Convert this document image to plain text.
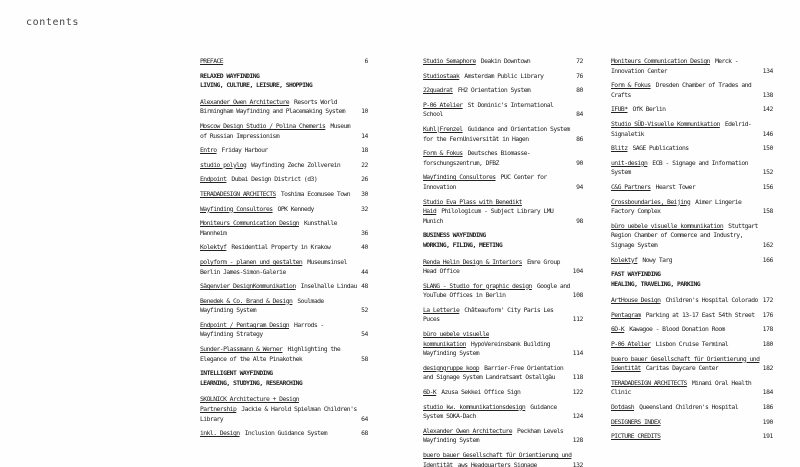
contents
PREFACE	6
RELAXED WAYFINDING
LIVING, CULTURE, LEISURE, SHOPPING
Alexander Owen Architecture Resorts World Birmingham Wayfinding and Placemaking System	10
Moscow Design Studio / Polina Chemeris Museum of Russian Impressionism	14
Entro Friday Harbour	18
studio polylog Wayfinding Zeche Zollverein	22
Endpoint Dubai Design District (d3)	26
TERADADESIGN ARCHITECTS Toshima Ecomusee Town	30
Wayfinding Consultores OPK Kennedy	32
Moniteurs Communication Design Kunsthalle Mannheim	36
Kolektyf Residential Property in Krakow	40
polyform - planen und gestalten Museumsinsel Berlin James-Simon-Galerie	44
Sägenvier DesignKommunikation Inselhalle Lindau 48
Benedek & Co. Brand & Design Soulmade Wayfinding System	52
Endpoint / Pentagram Design Harrods - Wayfinding Strategy	54
Sunder-Plassmann & Werner Highlighting the Elegance of the Alte Pinakothek	58
INTELLIGENT WAYFINDING
LEARNING, STUDYING, RESEARCHING
SKOLNICK Architecture + Design Partnership Jackie & Harold Spielman Children's Library	64
inkl. Design Inclusion Guidance System	68
Studio Semaphore Deakin Downtown	72
Studiostaak Amsterdam Public Library	76
22quadrat FH2 Orientation System	80
P-06 Atelier St Dominic's International School	84
Kuhl|Frenzel Guidance and Orientation System for the FernUniversität in Hagen	86
Form & Fokus Deutsches Biomasse-forschungszentrum, DFBZ	90
Wayfinding Consultores PUC Center for Innovation	94
Studio Eva Plass with Benedikt Haid Philologicum - Subject Library LMU Munich	98
BUSINESS WAYFINDING
WORKING, FILING, MEETING
Renda Helin Design & Interiors Emre Group Head Office	104
SLANG - Studio for graphic design Google and YouTube Offices in Berlin	108
La Letterie Châteauform' City Paris Les Puces	112
büro uebele visuelle kommunikation HypoVereinsbank Building Wayfinding System	114
designgruppe koop Barrier-Free Orientation and Signage System Landratsamt Ostallgäu	118
6D-K Azusa Sekkei Office Sign	122
studio kw. kommunikationsdesign Guidance System SOKA-Dach	124
Alexander Owen Architecture Peckham Levels Wayfinding System	128
buero bauer Gesellschaft für Orientierung und Identität aws Headquarters Signage	132
Moniteurs Communication Design Merck - Innovation Center	134
Form & Fokus Dresden Chamber of Trades and Crafts	138
IFUB* OfK Berlin	142
Studio SÜD-Visuelle Kommunikation Edelrid-Signaletik	146
Blitz SAGE Publications	150
unit-design ECB - Signage and Information System	152
C&G Partners Hearst Tower	156
Crossboundaries, Beijing Aimer Lingerie Factory Complex	158
büro uebele visuelle kommunikation Stuttgart Region Chamber of Commerce and Industry, Signage System	162
Kolektyf Nowy Targ	166
FAST WAYFINDING
HEALING, TRAVELING, PARKING
ArtHouse Design Children's Hospital Colorado 172
Pentagram Parking at 13-17 East 54th Street	176
6D-K Kawagoe - Blood Donation Room	178
P-06 Atelier Lisbon Cruise Terminal	180
buero bauer Gesellschaft für Orientierung und Identität Caritas Daycare Center	182
TERADADESIGN ARCHITECTS Minami Oral Health Clinic	184
Dotdash Queensland Children's Hospital	186
DESIGNERS INDEX	190
PICTURE CREDITS	191
